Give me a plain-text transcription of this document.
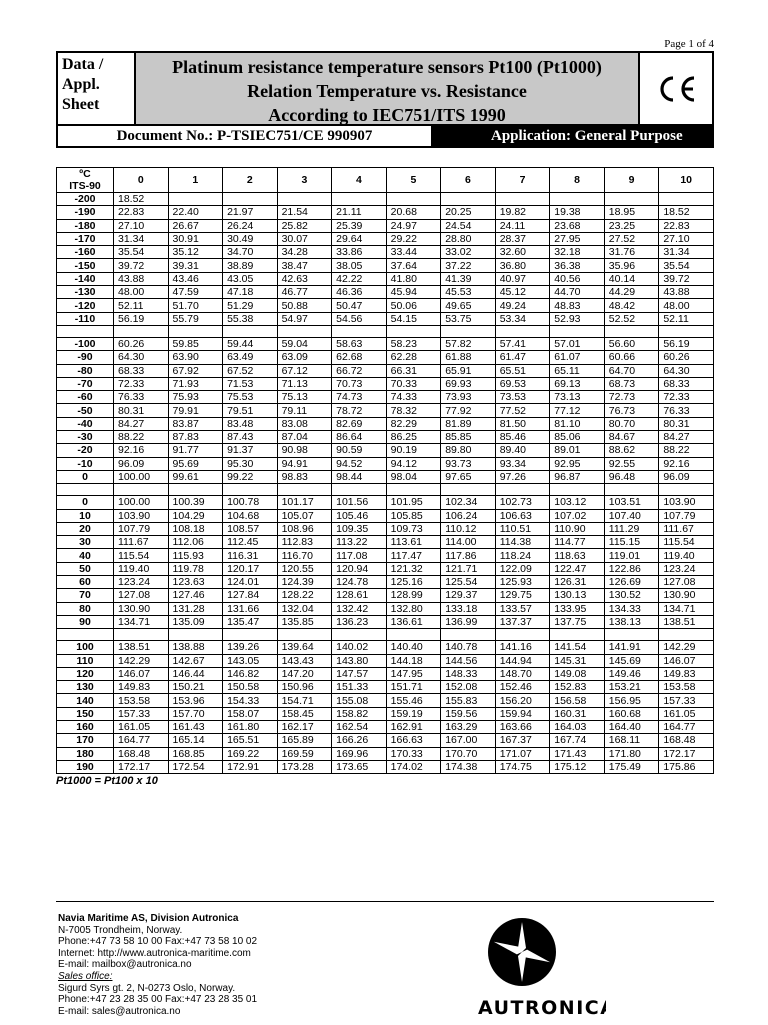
Page 1 of 4
Data /
Appl.
Sheet
Platinum resistance temperature sensors Pt100 (Pt1000)
Relation Temperature vs. Resistance
According to IEC751/ITS 1990
Document No.: P-TSIEC751/CE 990907	Application: General Purpose
ºC
ITS-90	0	1	2	3	4	5	6	7	8	9	10
-200	18.52										
-190	22.83	22.40	21.97	21.54	21.11	20.68	20.25	19.82	19.38	18.95	18.52
-180	27.10	26.67	26.24	25.82	25.39	24.97	24.54	24.11	23.68	23.25	22.83
-170	31.34	30.91	30.49	30.07	29.64	29.22	28.80	28.37	27.95	27.52	27.10
-160	35.54	35.12	34.70	34.28	33.86	33.44	33.02	32.60	32.18	31.76	31.34
-150	39.72	39.31	38.89	38.47	38.05	37.64	37.22	36.80	36.38	35.96	35.54
-140	43.88	43.46	43.05	42.63	42.22	41.80	41.39	40.97	40.56	40.14	39.72
-130	48.00	47.59	47.18	46.77	46.36	45.94	45.53	45.12	44.70	44.29	43.88
-120	52.11	51.70	51.29	50.88	50.47	50.06	49.65	49.24	48.83	48.42	48.00
-110	56.19	55.79	55.38	54.97	54.56	54.15	53.75	53.34	52.93	52.52	52.11

-100	60.26	59.85	59.44	59.04	58.63	58.23	57.82	57.41	57.01	56.60	56.19
-90	64.30	63.90	63.49	63.09	62.68	62.28	61.88	61.47	61.07	60.66	60.26
-80	68.33	67.92	67.52	67.12	66.72	66.31	65.91	65.51	65.11	64.70	64.30
-70	72.33	71.93	71.53	71.13	70.73	70.33	69.93	69.53	69.13	68.73	68.33
-60	76.33	75.93	75.53	75.13	74.73	74.33	73.93	73.53	73.13	72.73	72.33
-50	80.31	79.91	79.51	79.11	78.72	78.32	77.92	77.52	77.12	76.73	76.33
-40	84.27	83.87	83.48	83.08	82.69	82.29	81.89	81.50	81.10	80.70	80.31
-30	88.22	87.83	87.43	87.04	86.64	86.25	85.85	85.46	85.06	84.67	84.27
-20	92.16	91.77	91.37	90.98	90.59	90.19	89.80	89.40	89.01	88.62	88.22
-10	96.09	95.69	95.30	94.91	94.52	94.12	93.73	93.34	92.95	92.55	92.16
0	100.00	99.61	99.22	98.83	98.44	98.04	97.65	97.26	96.87	96.48	96.09

0	100.00	100.39	100.78	101.17	101.56	101.95	102.34	102.73	103.12	103.51	103.90
10	103.90	104.29	104.68	105.07	105.46	105.85	106.24	106.63	107.02	107.40	107.79
20	107.79	108.18	108.57	108.96	109.35	109.73	110.12	110.51	110.90	111.29	111.67
30	111.67	112.06	112.45	112.83	113.22	113.61	114.00	114.38	114.77	115.15	115.54
40	115.54	115.93	116.31	116.70	117.08	117.47	117.86	118.24	118.63	119.01	119.40
50	119.40	119.78	120.17	120.55	120.94	121.32	121.71	122.09	122.47	122.86	123.24
60	123.24	123.63	124.01	124.39	124.78	125.16	125.54	125.93	126.31	126.69	127.08
70	127.08	127.46	127.84	128.22	128.61	128.99	129.37	129.75	130.13	130.52	130.90
80	130.90	131.28	131.66	132.04	132.42	132.80	133.18	133.57	133.95	134.33	134.71
90	134.71	135.09	135.47	135.85	136.23	136.61	136.99	137.37	137.75	138.13	138.51

100	138.51	138.88	139.26	139.64	140.02	140.40	140.78	141.16	141.54	141.91	142.29
110	142.29	142.67	143.05	143.43	143.80	144.18	144.56	144.94	145.31	145.69	146.07
120	146.07	146.44	146.82	147.20	147.57	147.95	148.33	148.70	149.08	149.46	149.83
130	149.83	150.21	150.58	150.96	151.33	151.71	152.08	152.46	152.83	153.21	153.58
140	153.58	153.96	154.33	154.71	155.08	155.46	155.83	156.20	156.58	156.95	157.33
150	157.33	157.70	158.07	158.45	158.82	159.19	159.56	159.94	160.31	160.68	161.05
160	161.05	161.43	161.80	162.17	162.54	162.91	163.29	163.66	164.03	164.40	164.77
170	164.77	165.14	165.51	165.89	166.26	166.63	167.00	167.37	167.74	168.11	168.48
180	168.48	168.85	169.22	169.59	169.96	170.33	170.70	171.07	171.43	171.80	172.17
190	172.17	172.54	172.91	173.28	173.65	174.02	174.38	174.75	175.12	175.49	175.86
Pt1000 = Pt100 x 10
Navia Maritime AS, Division Autronica
N-7005 Trondheim, Norway.
Phone:+47 73 58 10 00 Fax:+47 73 58 10 02
Internet: http://www.autronica-maritime.com
E-mail: mailbox@autronica.no
Sales office:
Sigurd Syrs gt. 2, N-0273 Oslo, Norway.
Phone:+47 23 28 35 00 Fax:+47 23 28 35 01
E-mail: sales@autronica.no	AUTRONICA
